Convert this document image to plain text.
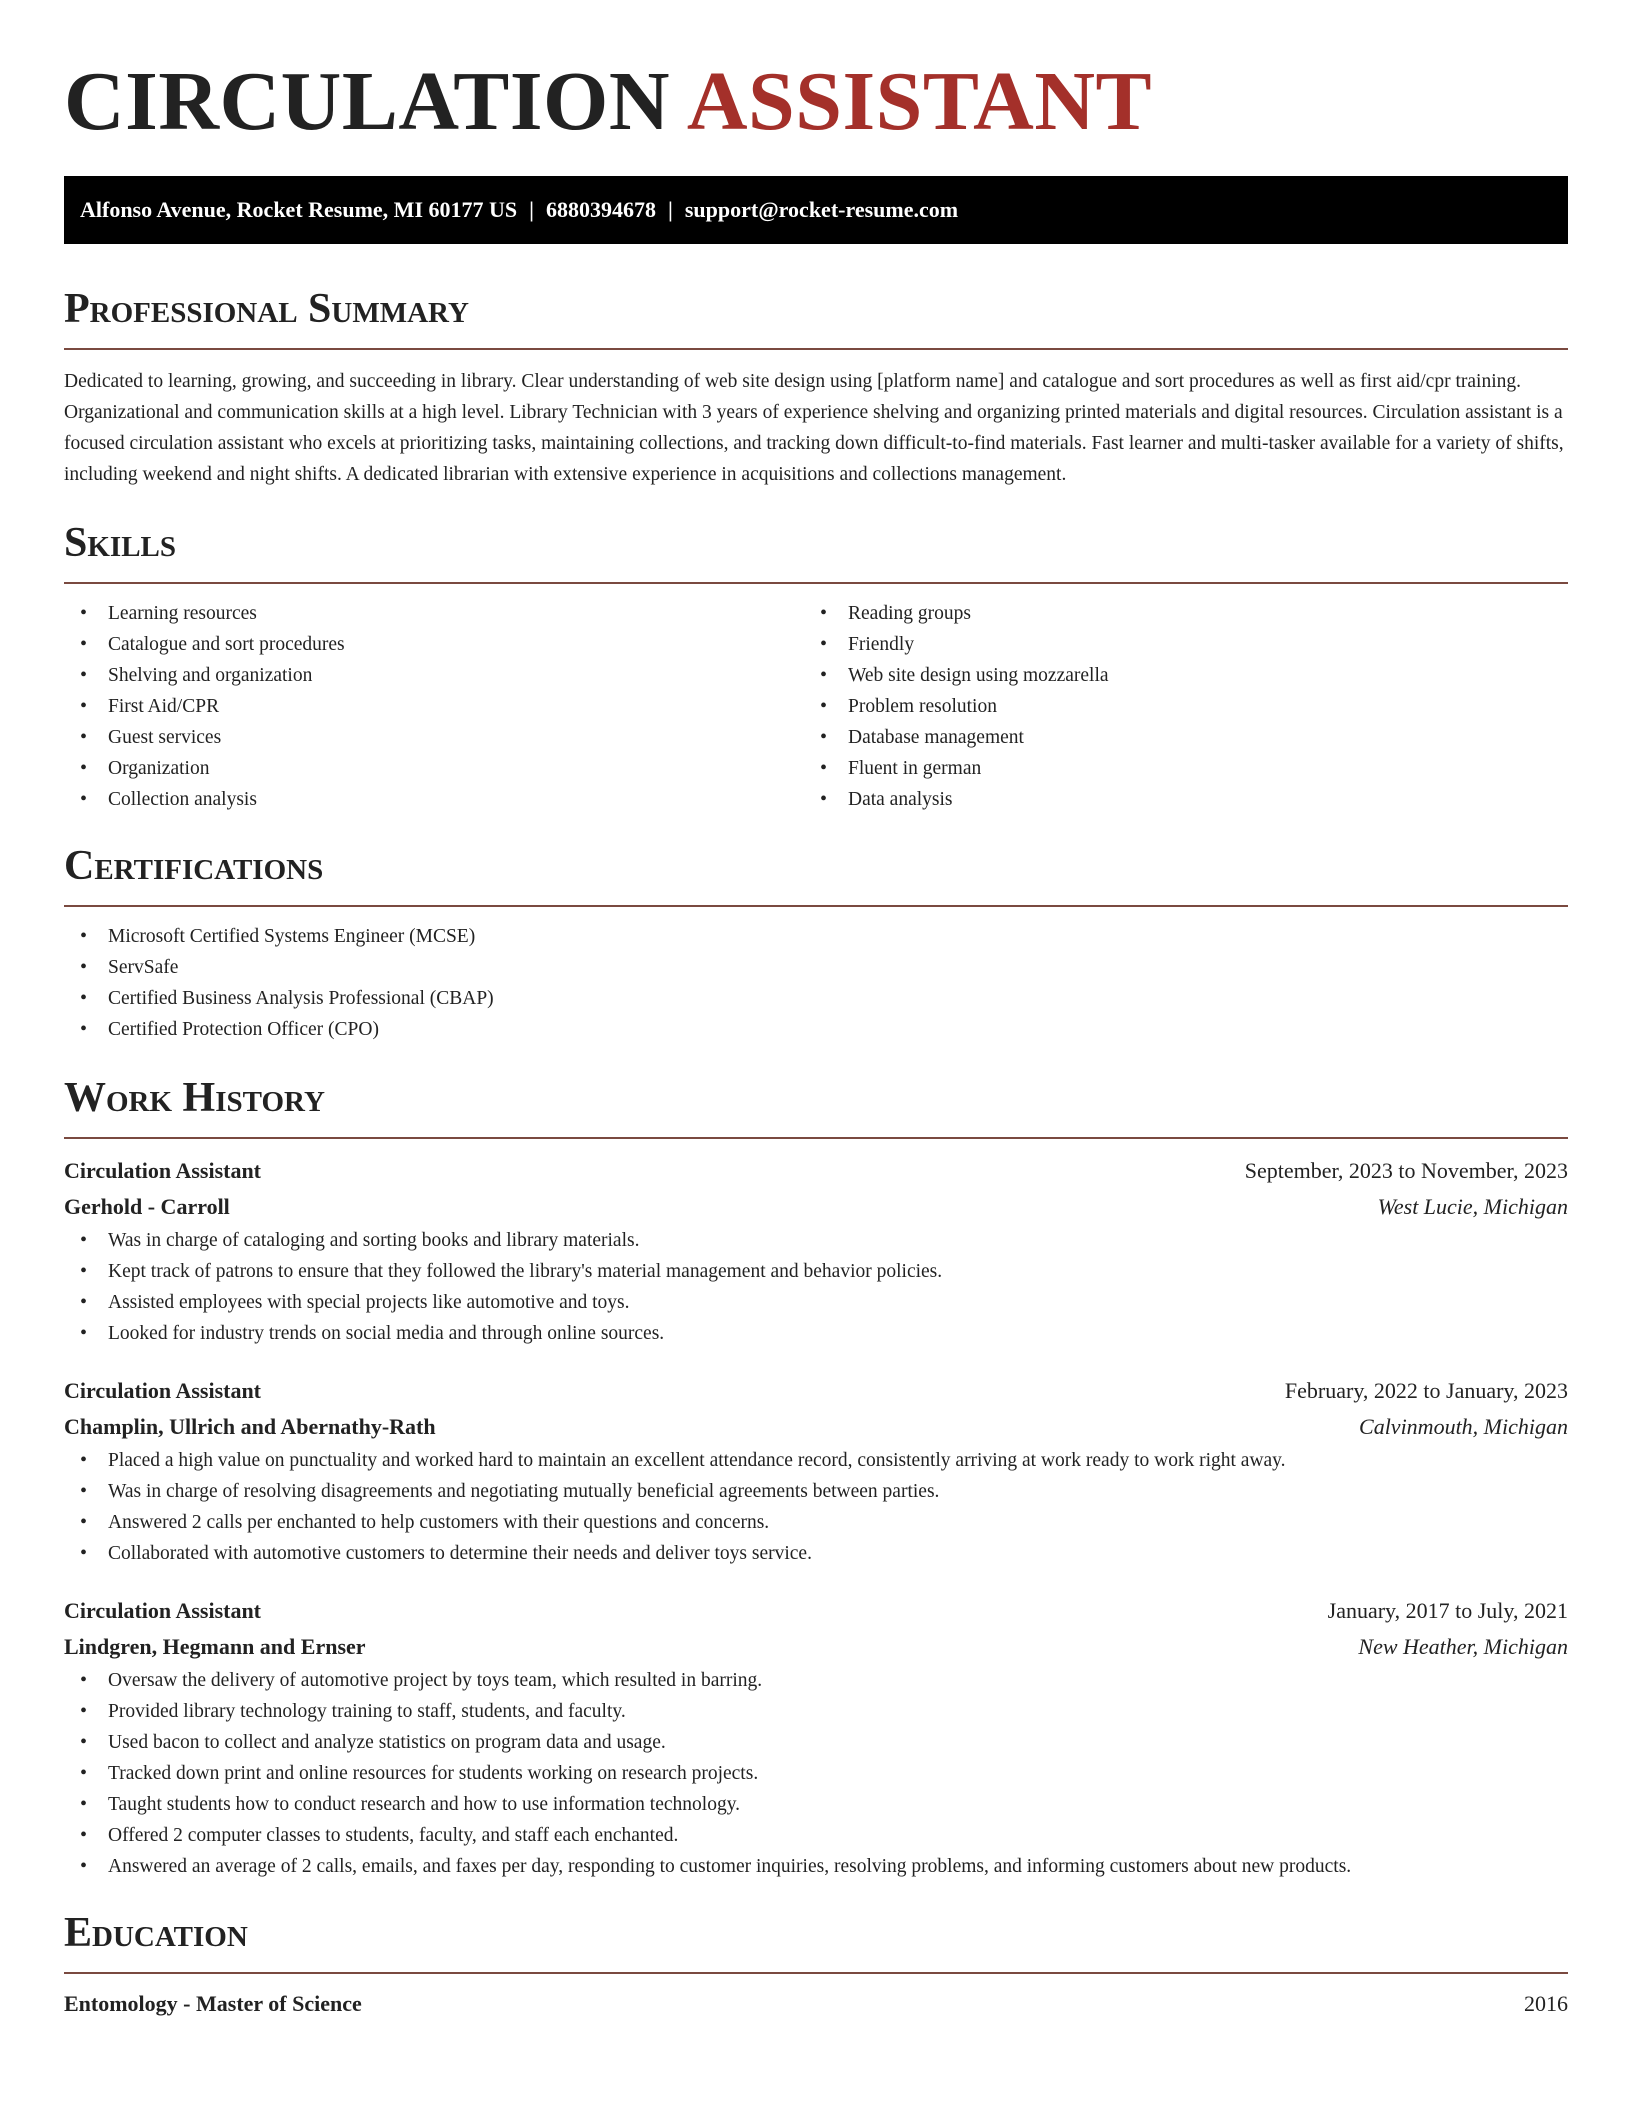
CIRCULATION ASSISTANT
Alfonso Avenue, Rocket Resume, MI 60177 US | 6880394678 | support@rocket-resume.com
Professional Summary
Dedicated to learning, growing, and succeeding in library. Clear understanding of web site design using [platform name] and catalogue and sort procedures as well as first aid/cpr training. Organizational and communication skills at a high level. Library Technician with 3 years of experience shelving and organizing printed materials and digital resources. Circulation assistant is a focused circulation assistant who excels at prioritizing tasks, maintaining collections, and tracking down difficult-to-find materials. Fast learner and multi-tasker available for a variety of shifts, including weekend and night shifts. A dedicated librarian with extensive experience in acquisitions and collections management.
Skills
• Learning resources
• Catalogue and sort procedures
• Shelving and organization
• First Aid/CPR
• Guest services
• Organization
• Collection analysis
• Reading groups
• Friendly
• Web site design using mozzarella
• Problem resolution
• Database management
• Fluent in german
• Data analysis
Certifications
• Microsoft Certified Systems Engineer (MCSE)
• ServSafe
• Certified Business Analysis Professional (CBAP)
• Certified Protection Officer (CPO)
Work History
Circulation Assistant	September, 2023 to November, 2023
Gerhold - Carroll	West Lucie, Michigan
• Was in charge of cataloging and sorting books and library materials.
• Kept track of patrons to ensure that they followed the library's material management and behavior policies.
• Assisted employees with special projects like automotive and toys.
• Looked for industry trends on social media and through online sources.
Circulation Assistant	February, 2022 to January, 2023
Champlin, Ullrich and Abernathy-Rath	Calvinmouth, Michigan
• Placed a high value on punctuality and worked hard to maintain an excellent attendance record, consistently arriving at work ready to work right away.
• Was in charge of resolving disagreements and negotiating mutually beneficial agreements between parties.
• Answered 2 calls per enchanted to help customers with their questions and concerns.
• Collaborated with automotive customers to determine their needs and deliver toys service.
Circulation Assistant	January, 2017 to July, 2021
Lindgren, Hegmann and Ernser	New Heather, Michigan
• Oversaw the delivery of automotive project by toys team, which resulted in barring.
• Provided library technology training to staff, students, and faculty.
• Used bacon to collect and analyze statistics on program data and usage.
• Tracked down print and online resources for students working on research projects.
• Taught students how to conduct research and how to use information technology.
• Offered 2 computer classes to students, faculty, and staff each enchanted.
• Answered an average of 2 calls, emails, and faxes per day, responding to customer inquiries, resolving problems, and informing customers about new products.
Education
Entomology - Master of Science	2016
